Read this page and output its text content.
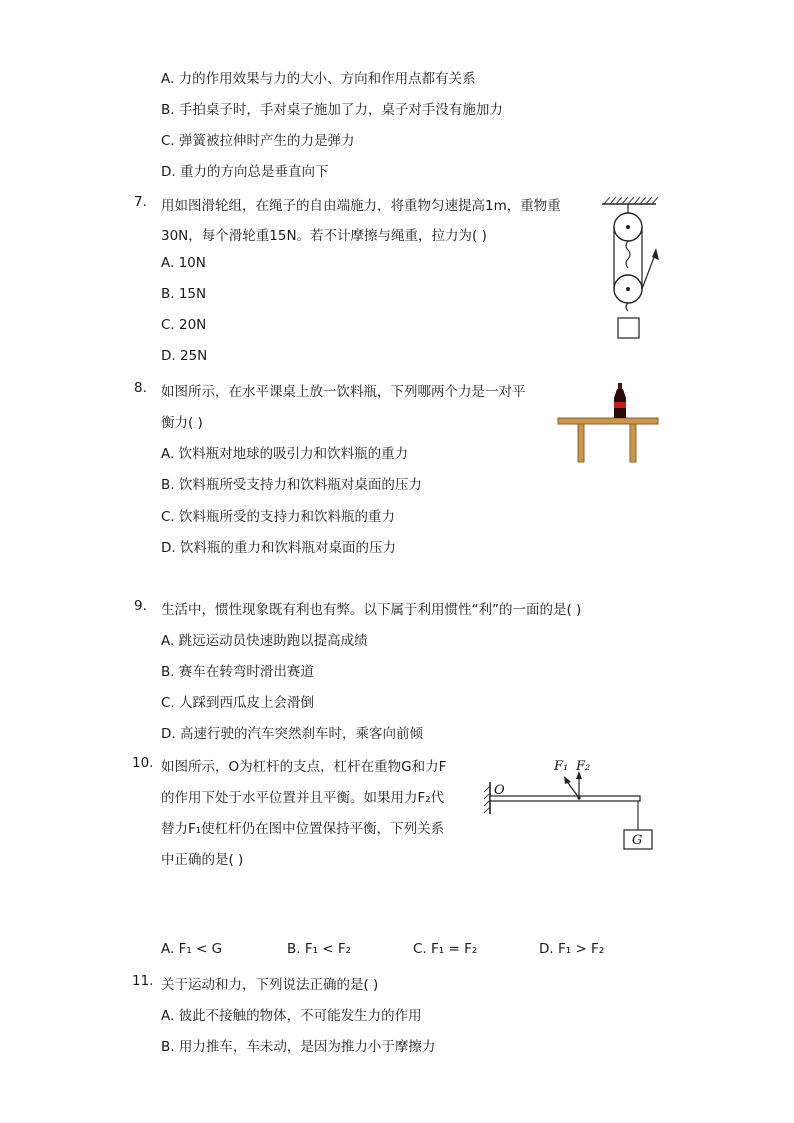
A. 力的作用效果与力的大小、方向和作用点都有关系
B. 手拍桌子时，手对桌子施加了力，桌子对手没有施加力
C. 弹簧被拉伸时产生的力是弹力
D. 重力的方向总是垂直向下
7. 用如图滑轮组，在绳子的自由端施力，将重物匀速提高1m，重物重
30N，每个滑轮重15N。若不计摩擦与绳重，拉力为( )
A. 10N
B. 15N
C. 20N
D. 25N
8. 如图所示，在水平课桌上放一饮料瓶，下列哪两个力是一对平
衡力( )
A. 饮料瓶对地球的吸引力和饮料瓶的重力
B. 饮料瓶所受支持力和饮料瓶对桌面的压力
C. 饮料瓶所受的支持力和饮料瓶的重力
D. 饮料瓶的重力和饮料瓶对桌面的压力
9. 生活中，惯性现象既有利也有弊。以下属于利用惯性“利”的一面的是( )
A. 跳远运动员快速助跑以提高成绩
B. 赛车在转弯时滑出赛道
C. 人踩到西瓜皮上会滑倒
D. 高速行驶的汽车突然刹车时，乘客向前倾
10. 如图所示，O为杠杆的支点，杠杆在重物G和力F
的作用下处于水平位置并且平衡。如果用力F₂代
替力F₁使杠杆仍在图中位置保持平衡，下列关系
中正确的是( )
G
O
F₁ F₂
A. F₁ < G	B. F₁ < F₂	C. F₁ = F₂	D. F₁ > F₂
11. 关于运动和力，下列说法正确的是( )
A. 彼此不接触的物体，不可能发生力的作用
B. 用力推车，车未动，是因为推力小于摩擦力
